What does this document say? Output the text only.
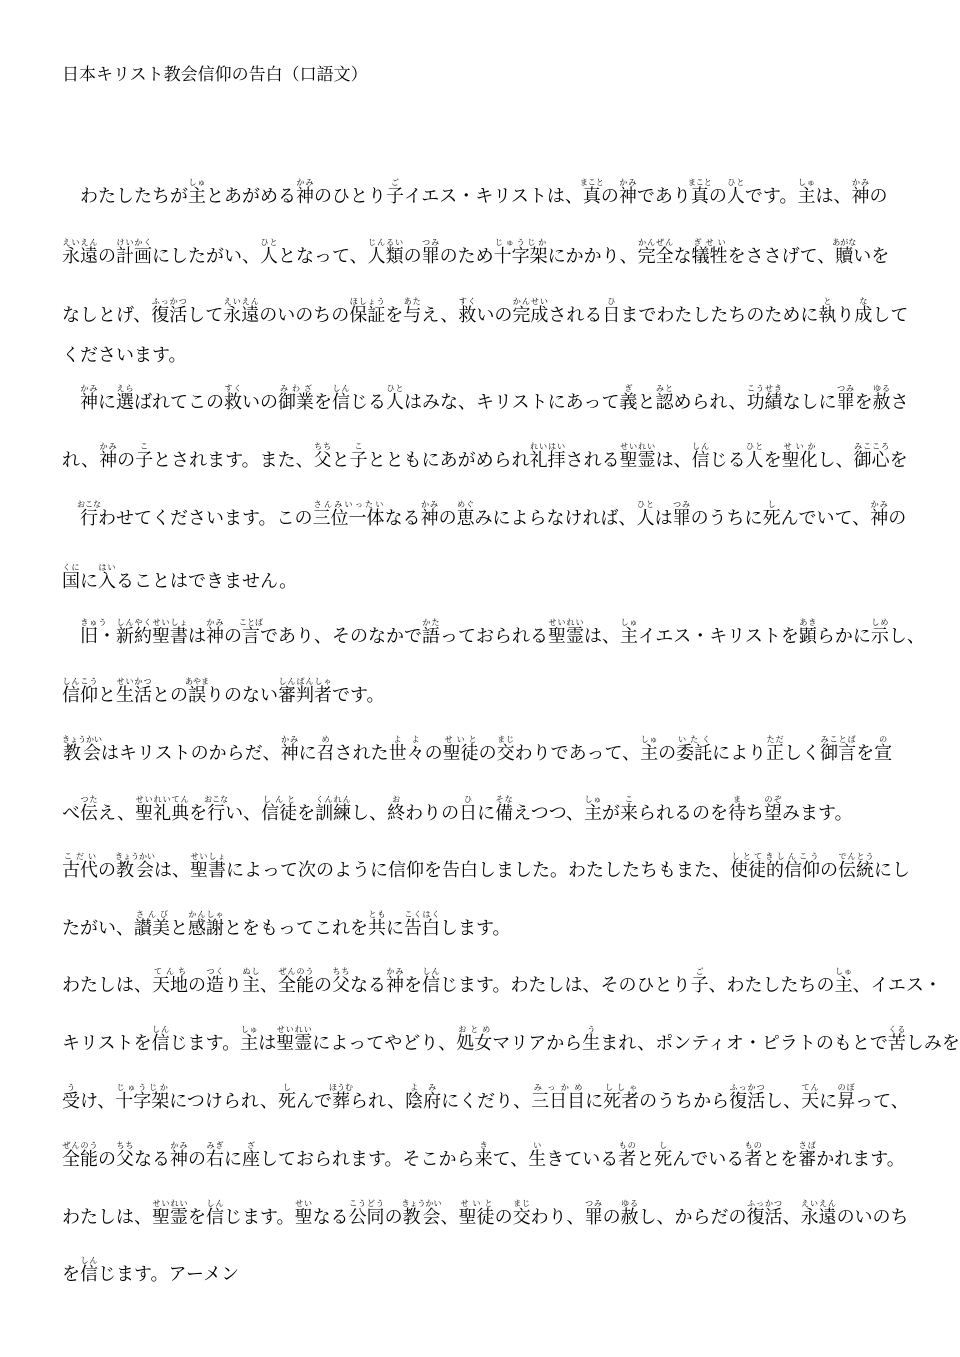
日本キリスト教会信仰の告白（口語文）
　わたしたちが主しゅとあがめる神かみのひとり子ごイエス・キリストは、真まことの神かみであり真まことの人ひとです。主しゅは、神かみの
永遠えいえんの計画けいかくにしたがい、人ひととなって、人類じんるいの罪つみのため十字架じゅうじかにかかり、完全かんぜんな犠牲ぎせいをささげて、贖あがないを
なしとげ、復活ふっかつして永遠えいえんのいのちの保証ほしょうを与あたえ、救すくいの完成かんせいされる日ひまでわたしたちのために執とり成なして
くださいます。
　神かみに選えらばれてこの救すくいの御業みわざを信しんじる人ひとはみな、キリストにあって義ぎと認みとめられ、功績こうせきなしに罪つみを赦ゆるさ
れ、神かみの子ことされます。また、父ちちと子ことともにあがめられ礼拝れいはいされる聖霊せいれいは、信しんじる人ひとを聖化せいかし、御心みこころを
　行おこなわせてくださいます。この三位一体さんみいったいなる神かみの恵めぐみによらなければ、人ひとは罪つみのうちに死しんでいて、神かみの
国くにに入はいることはできません。
　旧・新約聖書きゅう　しんやくせいしょは神かみの言ことばであり、そのなかで語かたっておられる聖霊せいれいは、主しゅイエス・キリストを顕あきらかに示しめし、
信仰しんこうと生活せいかつとの誤あやまりのない審判者しんぱんしゃです。
教会きょうかいはキリストのからだ、神かみに召めされた世々よよの聖徒せいとの交まじわりであって、主しゅの委託いたくにより正ただしく御言みことばを宣の
べ伝つたえ、聖礼典せいれいてんを行おこない、信徒しんとを訓練くんれんし、終おわりの日ひに備そなえつつ、主しゅが来こられるのを待まち望のぞみます。
古代こだいの教会きょうかいは、聖書せいしょによって次のように信仰を告白しました。わたしたちもまた、使徒的信仰しとてきしんこうの伝統でんとうにし
たがい、讃美さんびと感謝かんしゃとをもってこれを共ともに告白こくはくします。
わたしは、天地てんちの造つくり主ぬし、全能ぜんのうの父ちちなる神かみを信しんじます。わたしは、そのひとり子ご、わたしたちの主しゅ、イエス・
キリストを信しんじます。主しゅは聖霊せいれいによってやどり、処女おとめマリアから生うまれ、ポンティオ・ピラトのもとで苦くるしみを
受うけ、十字架じゅうじかにつけられ、死しんで葬ほうむられ、陰府よみにくだり、三日目みっかめに死者ししゃのうちから復活ふっかつし、天てんに昇のぼって、
全能ぜんのうの父ちちなる神かみの右みぎに座ざしておられます。そこから来きて、生いきている者ものと死しんでいる者ものとを審さばかれます。
わたしは、聖霊せいれいを信しんじます。聖せいなる公同こうどうの教会きょうかい、聖徒せいとの交まじわり、罪つみの赦ゆるし、からだの復活ふっかつ、永遠えいえんのいのち
を信しんじます。アーメン
